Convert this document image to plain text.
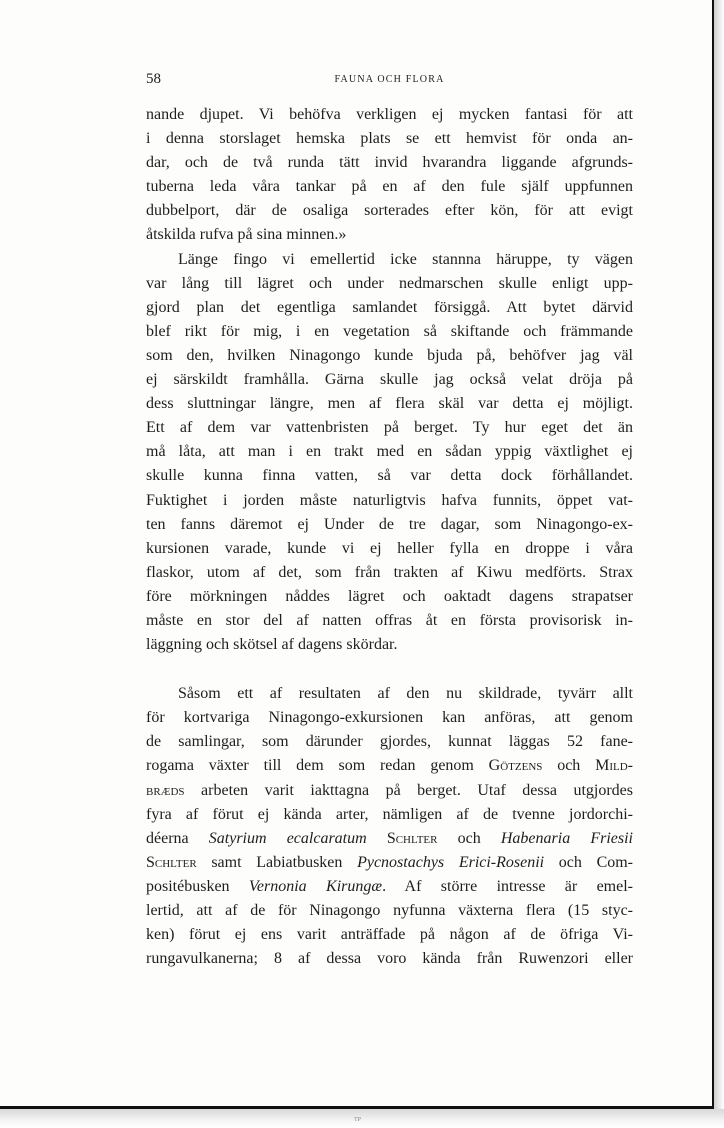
58	FAUNA OCH FLORA
nande djupet. Vi behöfva verkligen ej mycken fantasi för att
i denna storslaget hemska plats se ett hemvist för onda an-
dar, och de två runda tätt invid hvarandra liggande afgrunds-
tuberna leda våra tankar på en af den fule själf uppfunnen
dubbelport, där de osaliga sorterades efter kön, för att evigt
åtskilda rufva på sina minnen.»
Länge fingo vi emellertid icke stannna häruppe, ty vägen
var lång till lägret och under nedmarschen skulle enligt upp-
gjord plan det egentliga samlandet försiggå. Att bytet därvid
blef rikt för mig, i en vegetation så skiftande och främmande
som den, hvilken Ninagongo kunde bjuda på, behöfver jag väl
ej särskildt framhålla. Gärna skulle jag också velat dröja på
dess sluttningar längre, men af flera skäl var detta ej möjligt.
Ett af dem var vattenbristen på berget. Ty hur eget det än
må låta, att man i en trakt med en sådan yppig växtlighet ej
skulle kunna finna vatten, så var detta dock förhållandet.
Fuktighet i jorden måste naturligtvis hafva funnits, öppet vat-
ten fanns däremot ej Under de tre dagar, som Ninagongo-ex-
kursionen varade, kunde vi ej heller fylla en droppe i våra
flaskor, utom af det, som från trakten af Kiwu medförts. Strax
före mörkningen nåddes lägret och oaktadt dagens strapatser
måste en stor del af natten offras åt en första provisorisk in-
läggning och skötsel af dagens skördar.
Såsom ett af resultaten af den nu skildrade, tyvärr allt
för kortvariga Ninagongo-exkursionen kan anföras, att genom
de samlingar, som därunder gjordes, kunnat läggas 52 fane-
rogama växter till dem som redan genom Götzens och Mild-
bræds arbeten varit iakttagna på berget. Utaf dessa utgjordes
fyra af förut ej kända arter, nämligen af de tvenne jordorchi-
déerna Satyrium ecalcaratum Schlter och Habenaria Friesii
Schlter samt Labiatbusken Pycnostachys Erici-Rosenii och Com-
positébusken Vernonia Kirungæ. Af större intresse är emel-
lertid, att af de för Ninagongo nyfunna växterna flera (15 styc-
ken) förut ej ens varit anträffade på någon af de öfriga Vi-
rungavulkanerna; 8 af dessa voro kända från Ruwenzori eller
TP
